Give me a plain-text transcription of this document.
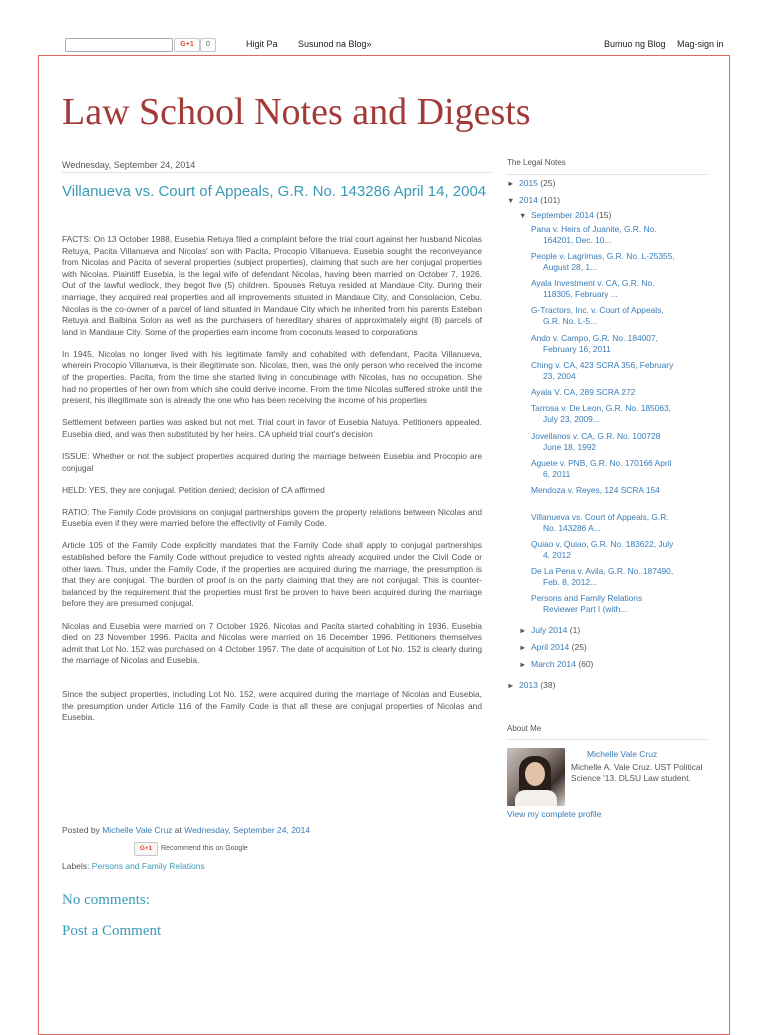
G+1	0	Higit Pa Susunod na Blog»	Bumuo ng Blog Mag-sign in
Law School Notes and Digests
Wednesday, September 24, 2014
Villanueva vs. Court of Appeals, G.R. No. 143286 April 14, 2004

FACTS: On 13 October 1988, Eusebia Retuya filed a complaint before the trial court against her husband Nicolas Retuya, Pacita Villanueva and Nicolas' son with Pacita, Procopio Villanueva. Eusebia sought the reconveyance from Nicolas and Pacita of several properties (subject properties), claiming that such are her conjugal properties with Nicolas. Plaintiff Eusebia, is the legal wife of defendant Nicolas, having been married on October 7, 1926. Out of the lawful wedlock, they begot five (5) children. Spouses Retuya resided at Mandaue City. During their marriage, they acquired real properties and all improvements situated in Mandaue City, and Consolacion, Cebu. Nicolas is the co-owner of a parcel of land situated in Mandaue City which he inherited from his parents Esteban Retuya and Balbina Solon as well as the purchasers of hereditary shares of approximately eight (8) parcels of land in Mandaue City. Some of the properties earn income from coconuts leased to corporations

In 1945, Nicolas no longer lived with his legitimate family and cohabited with defendant, Pacita Villanueva, wherein Procopio Villanueva, is their illegitimate son. Nicolas, then, was the only person who received the income of the properties. Pacita, from the time she started living in concubinage with Nicolas, has no occupation. She had no properties of her own from which she could derive income. From the time Nicolas suffered stroke until the present, his illegitimate son is already the one who has been receiving the income of his properties

Settlement between parties was asked but not met. Trial court in favor of Eusebia Natuya. Petitioners appealed. Eusebia died, and was then substituted by her heirs. CA upheld trial court's decision

ISSUE: Whether or not the subject properties acquired during the marriage between Eusebia and Procopio are conjugal

HELD: YES, they are conjugal. Petition denied; decision of CA affirmed

RATIO: The Family Code provisions on conjugal partnerships govern the property relations between Nicolas and Eusebia even if they were married before the effectivity of Family Code.

Article 105 of the Family Code explicitly mandates that the Family Code shall apply to conjugal partnerships established before the Family Code without prejudice to vested rights already acquired under the Civil Code or other laws. Thus, under the Family Code, if the properties are acquired during the marriage, the presumption is that they are conjugal. The burden of proof is on the party claiming that they are not conjugal. This is counter-balanced by the requirement that the properties must first be proven to have been acquired during the marriage before they are presumed conjugal.

Nicolas and Eusebia were married on 7 October 1926. Nicolas and Pacita started cohabiting in 1936. Eusebia died on 23 November 1996. Pacita and Nicolas were married on 16 December 1996. Petitioners themselves admit that Lot No. 152 was purchased on 4 October 1957. The date of acquisition of Lot No. 152 is clearly during the marriage of Nicolas and Eusebia.

Since the subject properties, including Lot No. 152, were acquired during the marriage of Nicolas and Eusebia, the presumption under Article 116 of the Family Code is that all these are conjugal properties of Nicolas and Eusebia.

Posted by Michelle Vale Cruz at Wednesday, September 24, 2014
G+1	Recommend this on Google
Labels: Persons and Family Relations
No comments:
Post a Comment
The Legal Notes
► 2015 (25)
▼ 2014 (101)
▼ September 2014 (15)
Pana v. Heirs of Juanite, G.R. No. 164201, Dec. 10...
People v. Lagrimas, G.R. No. L-25355, August 28, 1...
Ayala Investment v. CA, G.R. No. 118305, February ...
G-Tractors, Inc. v. Court of Appeals, G.R. No. L-5...
Ando v. Campo, G.R. No. 184007, February 16, 2011
Ching v. CA, 423 SCRA 356, February 23, 2004
Ayala V. CA, 289 SCRA 272
Tarrosa v. De Leon, G.R. No. 185063, July 23, 2009...
Jovellanos v. CA, G.R. No. 100728 June 18, 1992
Aguete v. PNB, G.R. No. 170166 April 6, 2011
Mendoza v. Reyes, 124 SCRA 154
Villanueva vs. Court of Appeals, G.R. No. 143286 A...
Quiao v. Quiao, G.R. No. 183622, July 4, 2012
De La Pena v. Avila, G.R. No. 187490, Feb. 8, 2012...
Persons and Family Relations Reviewer Part I (with...
► July 2014 (1)
► April 2014 (25)
► March 2014 (60)
► 2013 (38)
About Me
Michelle Vale Cruz
Michelle A. Vale Cruz. UST Political Science '13. DLSU Law student.
View my complete profile
